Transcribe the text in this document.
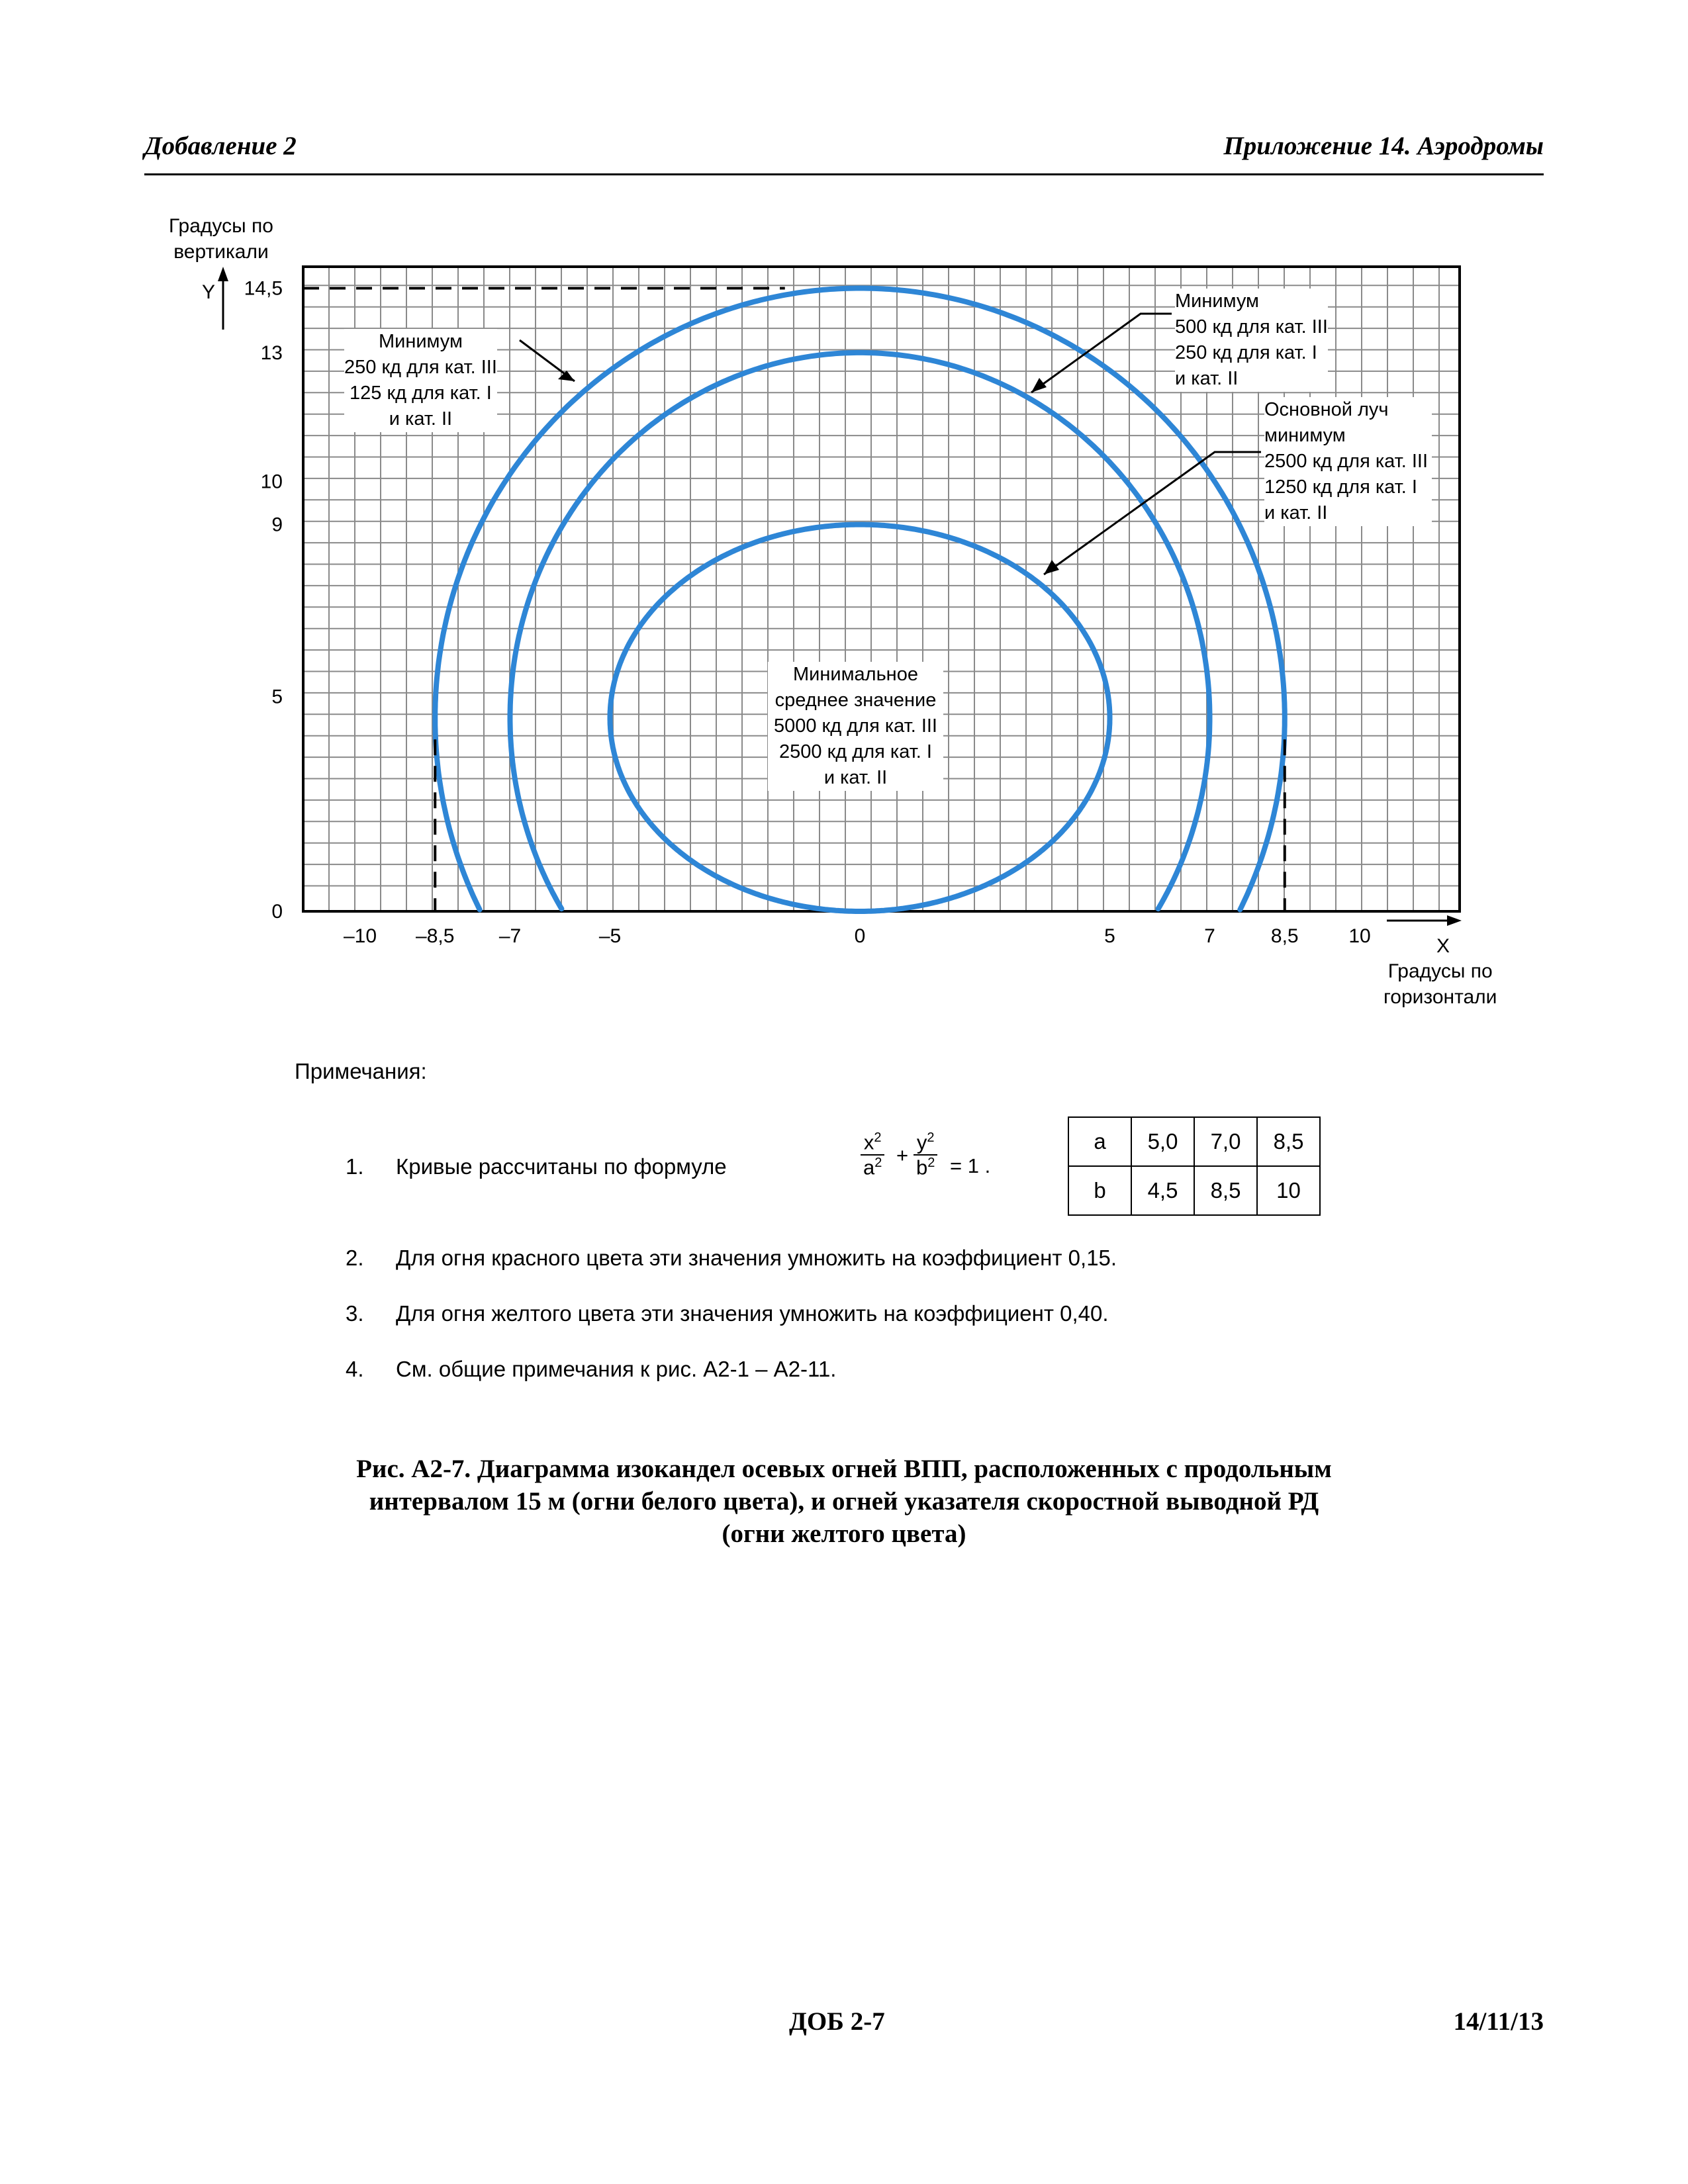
Добавление 2	Приложение 14. Аэродромы
–10 –8,5 –7	–5	0	5	7	8,5	10
0
5
9
10
13
14,5
Градусы по
вертикали
Y
X
Градусы по
горизонтали
Минимум
250 кд для кат. III
125 кд для кат. I
и кат. II
Минимум
500 кд для кат. III
250 кд для кат. I
и кат. II
Основной луч
минимум
2500 кд для кат. III
1250 кд для кат. I
и кат. II
Минимальное
среднее значение
5000 кд для кат. III
2500 кд для кат. I
и кат. II
Примечания:
1. Кривые рассчитаны по формуле
$x^2$
$a^2$ +
$y^2$
$b^2 = 1$ .
a	5,0	7,0	8,5
b	4,5	8,5	10
2. Для огня красного цвета эти значения умножить на коэффициент 0,15.
3. Для огня желтого цвета эти значения умножить на коэффициент 0,40.
4. См. общие примечания к рис. А2-1 – А2-11.
Рис. А2-7. Диаграмма изокандел осевых огней ВПП, расположенных с продольным
интервалом 15 м (огни белого цвета), и огней указателя скоростной выводной РД
(огни желтого цвета)
ДОБ 2-7	14/11/13
